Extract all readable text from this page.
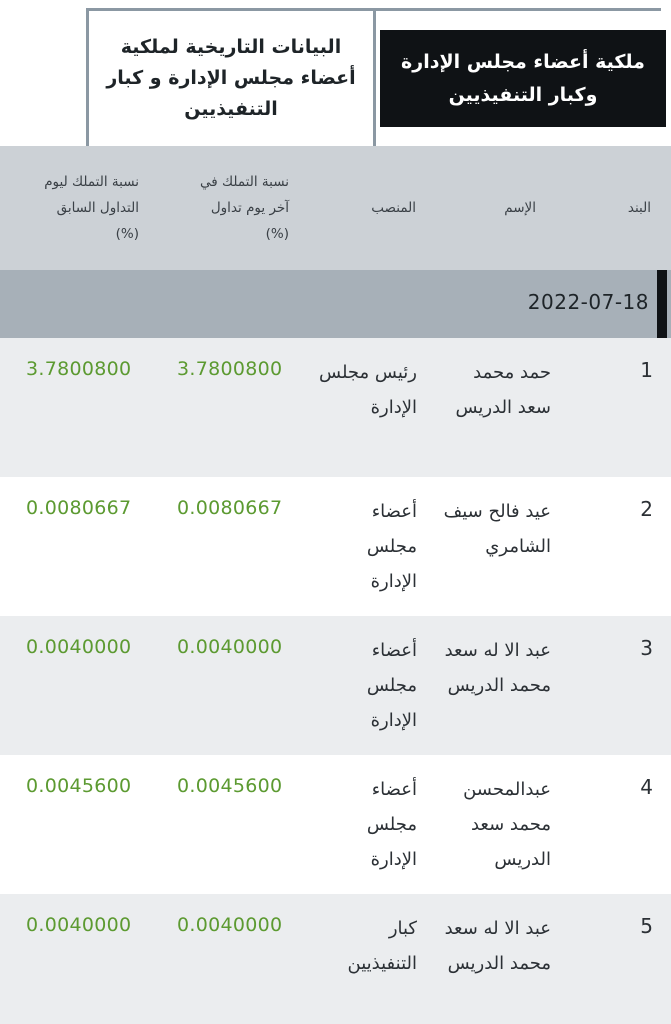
البيانات التاريخية لملكية أعضاء مجلس الإدارة و كبار التنفيذيين
ملكية أعضاء مجلس الإدارة وكبار التنفيذيين
البند
الإسم
المنصب
نسبة التملك في آخر يوم تداول (%)
نسبة التملك ليوم التداول السابق (%)
2022-07-18
1
حمد محمد سعد الدريس
رئيس مجلس الإدارة
3.7800800
3.7800800
2
عيد فالح سيف الشامري
أعضاء مجلس الإدارة
0.0080667
0.0080667
3
عبد الا له سعد محمد الدريس
أعضاء مجلس الإدارة
0.0040000
0.0040000
4
عبدالمحسن محمد سعد الدريس
أعضاء مجلس الإدارة
0.0045600
0.0045600
5
عبد الا له سعد محمد الدريس
كبار التنفيذيين
0.0040000
0.0040000
